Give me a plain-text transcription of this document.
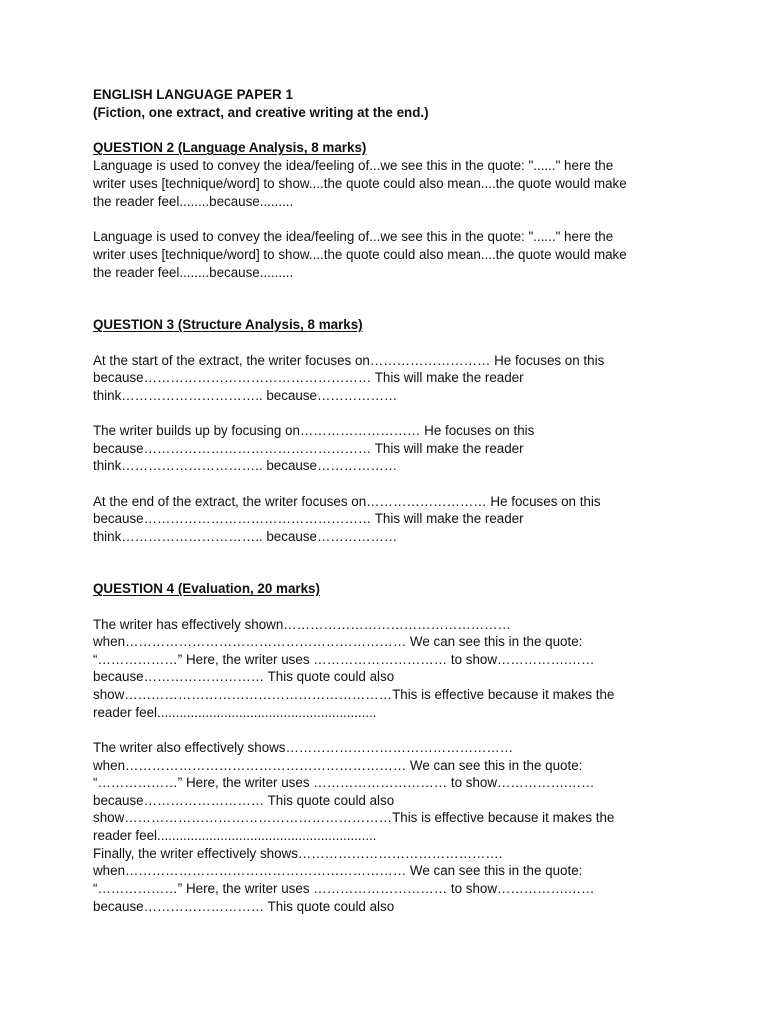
ENGLISH LANGUAGE PAPER 1

(Fiction, one extract, and creative writing at the end.)

QUESTION 2 (Language Analysis, 8 marks)

Language is used to convey the idea/feeling of...we see this in the quote: "......" here the

writer uses [technique/word] to show....the quote could also mean....the quote would make

the reader feel........because.........

Language is used to convey the idea/feeling of...we see this in the quote: "......" here the

writer uses [technique/word] to show....the quote could also mean....the quote would make

the reader feel........because.........

QUESTION 3 (Structure Analysis, 8 marks)

At the start of the extract, the writer focuses on……………………… He focuses on this

because…………………………………………… This will make the reader

think………………………….. because………………

The writer builds up by focusing on……………………… He focuses on this

because…………………………………………… This will make the reader

think………………………….. because………………

At the end of the extract, the writer focuses on……………………… He focuses on this

because…………………………………………… This will make the reader

think………………………….. because………………

QUESTION 4 (Evaluation, 20 marks)

The writer has effectively shown……………………………………………

when……………………………………………………… We can see this in the quote:

“………………” Here, the writer uses ………………………… to show…………….……

because……………………… This quote could also

show……………………………………………………This is effective because it makes the

reader feel...........................................................

The writer also effectively shows……………………………………………

when……………………………………………………… We can see this in the quote:

“………………” Here, the writer uses ………………………… to show…………….……

because……………………… This quote could also

show……………………………………………………This is effective because it makes the

reader feel...........................................................

Finally, the writer effectively shows……………………………………….

when……………………………………………………… We can see this in the quote:

“………………” Here, the writer uses ………………………… to show…………….……

because……………………… This quote could also
